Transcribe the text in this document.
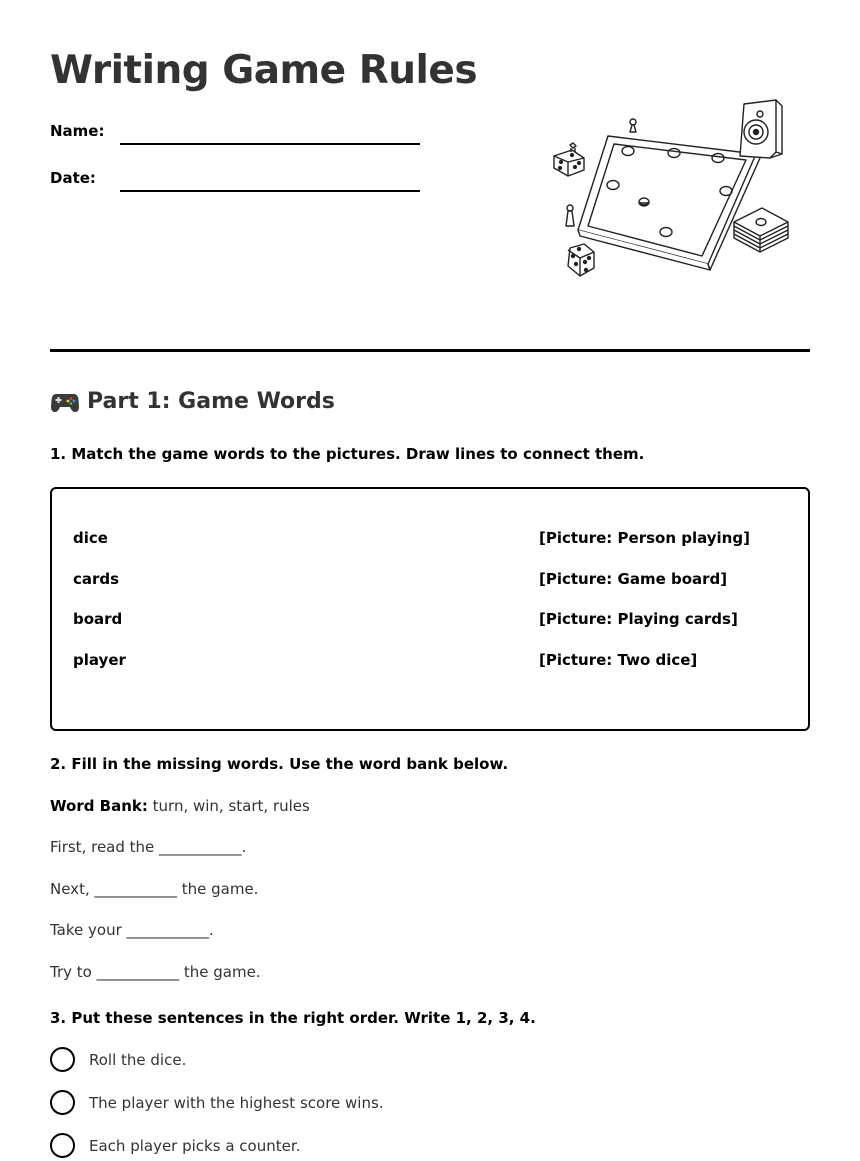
Writing Game Rules
Name:
Date:
Part 1: Game Words
1. Match the game words to the pictures. Draw lines to connect them.
dice
cards
board
player
[Picture: Person playing]
[Picture: Game board]
[Picture: Playing cards]
[Picture: Two dice]
2. Fill in the missing words. Use the word bank below.
Word Bank: turn, win, start, rules
First, read the ___________.
Next, ___________ the game.
Take your ___________.
Try to ___________ the game.
3. Put these sentences in the right order. Write 1, 2, 3, 4.
Roll the dice.
The player with the highest score wins.
Each player picks a counter.
